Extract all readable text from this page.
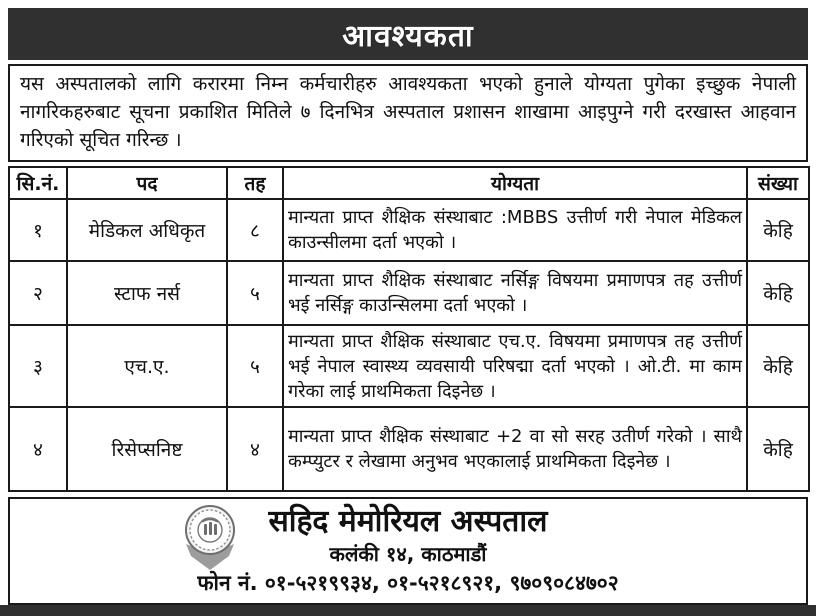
आवश्यकता
यस अस्पतालको लागि करारमा निम्न कर्मचारीहरु आवश्यकता भएको हुनाले योग्यता पुगेका इच्छुक नेपाली नागरिकहरुबाट सूचना प्रकाशित मितिले ७ दिनभित्र अस्पताल प्रशासन शाखामा आइपुग्ने गरी दरखास्त आहवान गरिएको सूचित गरिन्छ ।
सि.नं.	पद	तह	योग्यता	संख्या
१	मेडिकल अधिकृत	८	मान्यता प्राप्त शैक्षिक संस्थाबाट :MBBS उत्तीर्ण गरी नेपाल मेडिकल काउन्सीलमा दर्ता भएको ।	केहि
२	स्टाफ नर्स	५	मान्यता प्राप्त शैक्षिक संस्थाबाट नर्सिङ्ग विषयमा प्रमाणपत्र तह उत्तीर्ण भई नर्सिङ्ग काउन्सिलमा दर्ता भएको ।	केहि
३	एच.ए.	५	मान्यता प्राप्त शैक्षिक संस्थाबाट एच.ए. विषयमा प्रमाणपत्र तह उत्तीर्ण भई नेपाल स्वास्थ्य व्यवसायी परिषद्मा दर्ता भएको । ओ.टी. मा काम गरेका लाई प्राथमिकता दिइनेछ ।	केहि
४	रिसेप्सनिष्ट	४	मान्यता प्राप्त शैक्षिक संस्थाबाट +2 वा सो सरह उतीर्ण गरेको । साथै कम्प्युटर र लेखामा अनुभव भएकालाई प्राथमिकता दिइनेछ ।	केहि
सहिद मेमोरियल अस्पताल
कलंकी १४, काठमाडौं
फोन नं. ०१-५२१९९३४, ०१-५२१८९२१, ९७०९०८४७०२
